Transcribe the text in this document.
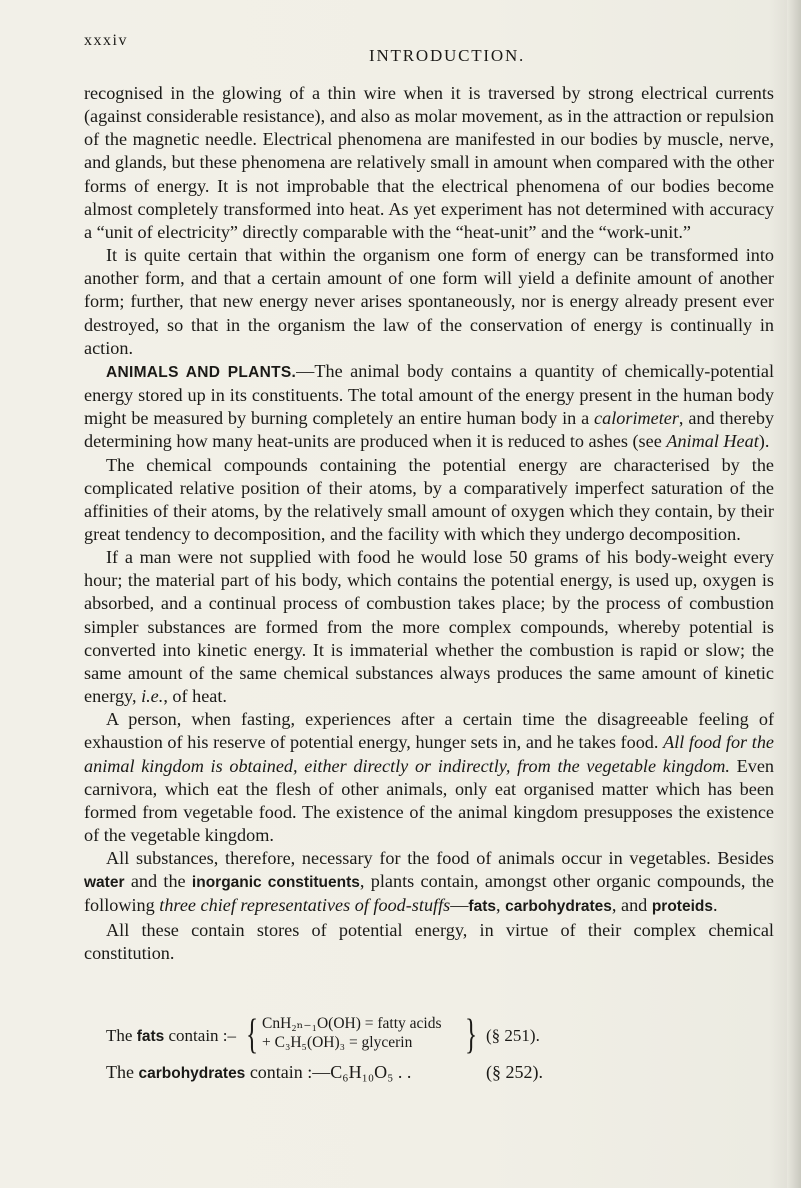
xxxiv
INTRODUCTION.

recognised in the glowing of a thin wire when it is traversed by strong electrical currents (against considerable resistance), and also as molar movement, as in the attraction or repulsion of the magnetic needle. Electrical phenomena are manifested in our bodies by muscle, nerve, and glands, but these phenomena are relatively small in amount when compared with the other forms of energy. It is not improbable that the electrical phenomena of our bodies become almost completely transformed into heat. As yet experiment has not determined with accuracy a “unit of electricity” directly comparable with the “heat-unit” and the “work-unit.”

It is quite certain that within the organism one form of energy can be transformed into another form, and that a certain amount of one form will yield a definite amount of another form; further, that new energy never arises spontaneously, nor is energy already present ever destroyed, so that in the organism the law of the conservation of energy is continually in action.

ANIMALS AND PLANTS.—The animal body contains a quantity of chemically-potential energy stored up in its constituents. The total amount of the energy present in the human body might be measured by burning completely an entire human body in a calorimeter, and thereby determining how many heat-units are produced when it is reduced to ashes (see Animal Heat).

The chemical compounds containing the potential energy are characterised by the complicated relative position of their atoms, by a comparatively imperfect saturation of the affinities of their atoms, by the relatively small amount of oxygen which they contain, by their great tendency to decomposition, and the facility with which they undergo decomposition.

If a man were not supplied with food he would lose 50 grams of his body-weight every hour; the material part of his body, which contains the potential energy, is used up, oxygen is absorbed, and a continual process of combustion takes place; by the process of combustion simpler substances are formed from the more complex compounds, whereby potential is converted into kinetic energy. It is immaterial whether the combustion is rapid or slow; the same amount of the same chemical substances always produces the same amount of kinetic energy, i.e., of heat.

A person, when fasting, experiences after a certain time the disagreeable feeling of exhaustion of his reserve of potential energy, hunger sets in, and he takes food. All food for the animal kingdom is obtained, either directly or indirectly, from the vegetable kingdom. Even carnivora, which eat the flesh of other animals, only eat organised matter which has been formed from vegetable food. The existence of the animal kingdom presupposes the existence of the vegetable kingdom.

All substances, therefore, necessary for the food of animals occur in vegetables. Besides water and the inorganic constituents, plants contain, amongst other organic compounds, the following three chief representatives of food-stuffs—fats, carbohydrates, and proteids.

All these contain stores of potential energy, in virtue of their complex chemical constitution.

The fats contain :– { CnH₂ₙ₋₁O(OH) = fatty acids
+ C₃H₅(OH)₃ = glycerin } (§ 251).
The carbohydrates contain :—C₆H₁₀O₅ . .	(§ 252).
